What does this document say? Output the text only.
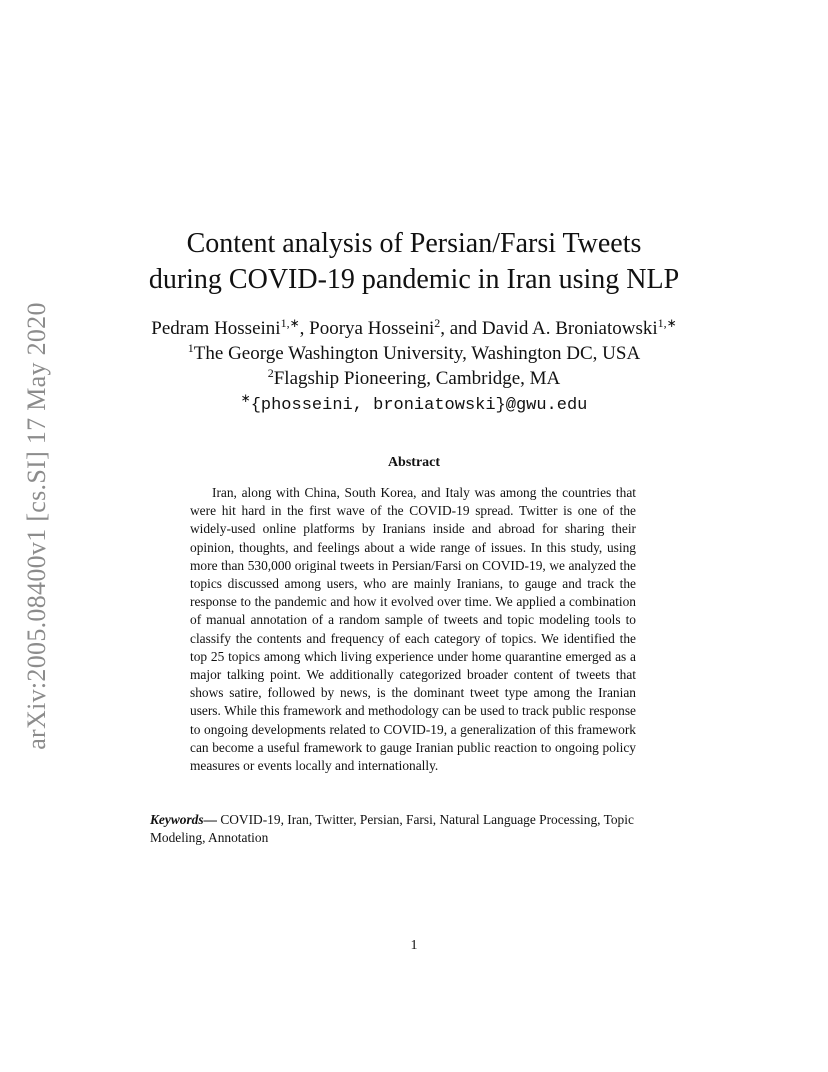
arXiv:2005.08400v1 [cs.SI] 17 May 2020
Content analysis of Persian/Farsi Tweets
during COVID-19 pandemic in Iran using NLP
Pedram Hosseini$^{1,∗}$, Poorya Hosseini$^2$, and David A. Broniatowski$^{1,∗}$
$^1$The George Washington University, Washington DC, USA
$^2$Flagship Pioneering, Cambridge, MA
∗{phosseini, broniatowski}@gwu.edu
Abstract

Iran, along with China, South Korea, and Italy was among the countries that were hit hard in the first wave of the COVID-19 spread. Twitter is one of the widely-used online platforms by Iranians inside and abroad for sharing their opinion, thoughts, and feelings about a wide range of issues. In this study, using more than 530,000 original tweets in Persian/Farsi on COVID-19, we analyzed the topics discussed among users, who are mainly Iranians, to gauge and track the response to the pandemic and how it evolved over time. We applied a combination of manual annotation of a random sample of tweets and topic modeling tools to classify the contents and frequency of each category of topics. We identified the top 25 topics among which living experience under home quarantine emerged as a major talking point. We additionally categorized broader content of tweets that shows satire, followed by news, is the dominant tweet type among the Iranian users. While this framework and methodology can be used to track public response to ongoing developments related to COVID-19, a generalization of this framework can become a useful framework to gauge Iranian public reaction to ongoing policy measures or events locally and internationally.

Keywords— COVID-19, Iran, Twitter, Persian, Farsi, Natural Language Processing, Topic Modeling, Annotation

1
